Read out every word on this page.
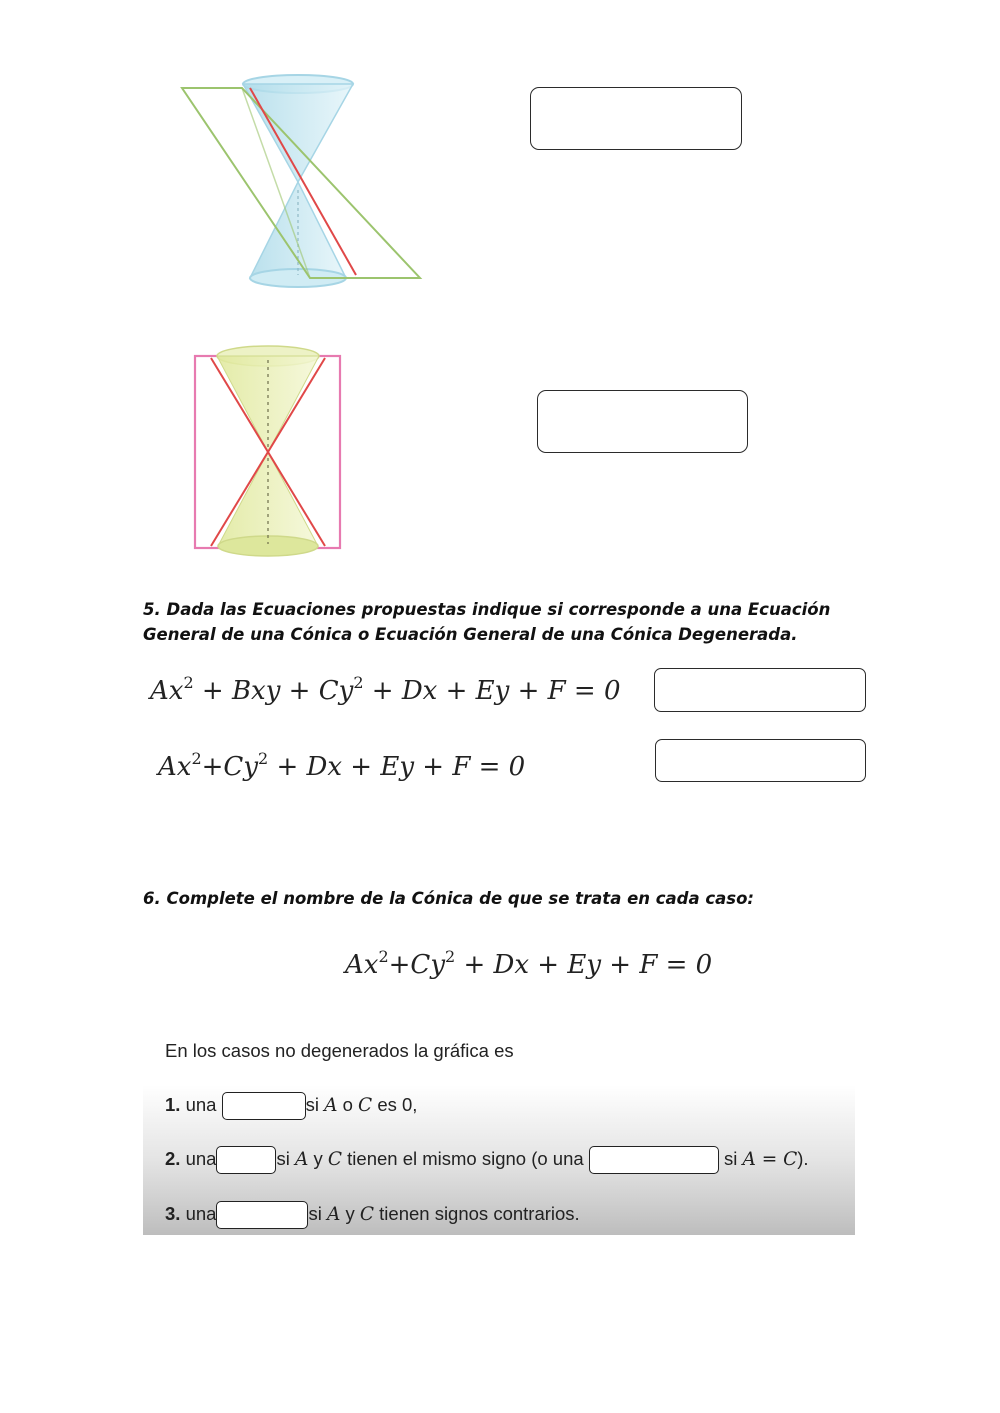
5. Dada las Ecuaciones propuestas indique si corresponde a una Ecuación General de una Cónica o Ecuación General de una Cónica Degenerada.
$Ax^2$ + Bxy + $Cy^2 + Dx + Ey + F = 0$
$Ax^2+Cy^2 + Dx + Ey + F = 0$
6. Complete el nombre de la Cónica de que se trata en cada caso:
$Ax^2+Cy^2 + Dx + Ey + F = 0$
En los casos no degenerados la gráfica es
1. una	si A o C es 0,
2. una	si A y C tienen el mismo signo (o una	si A = C).
3. una	si A y C tienen signos contrarios.
